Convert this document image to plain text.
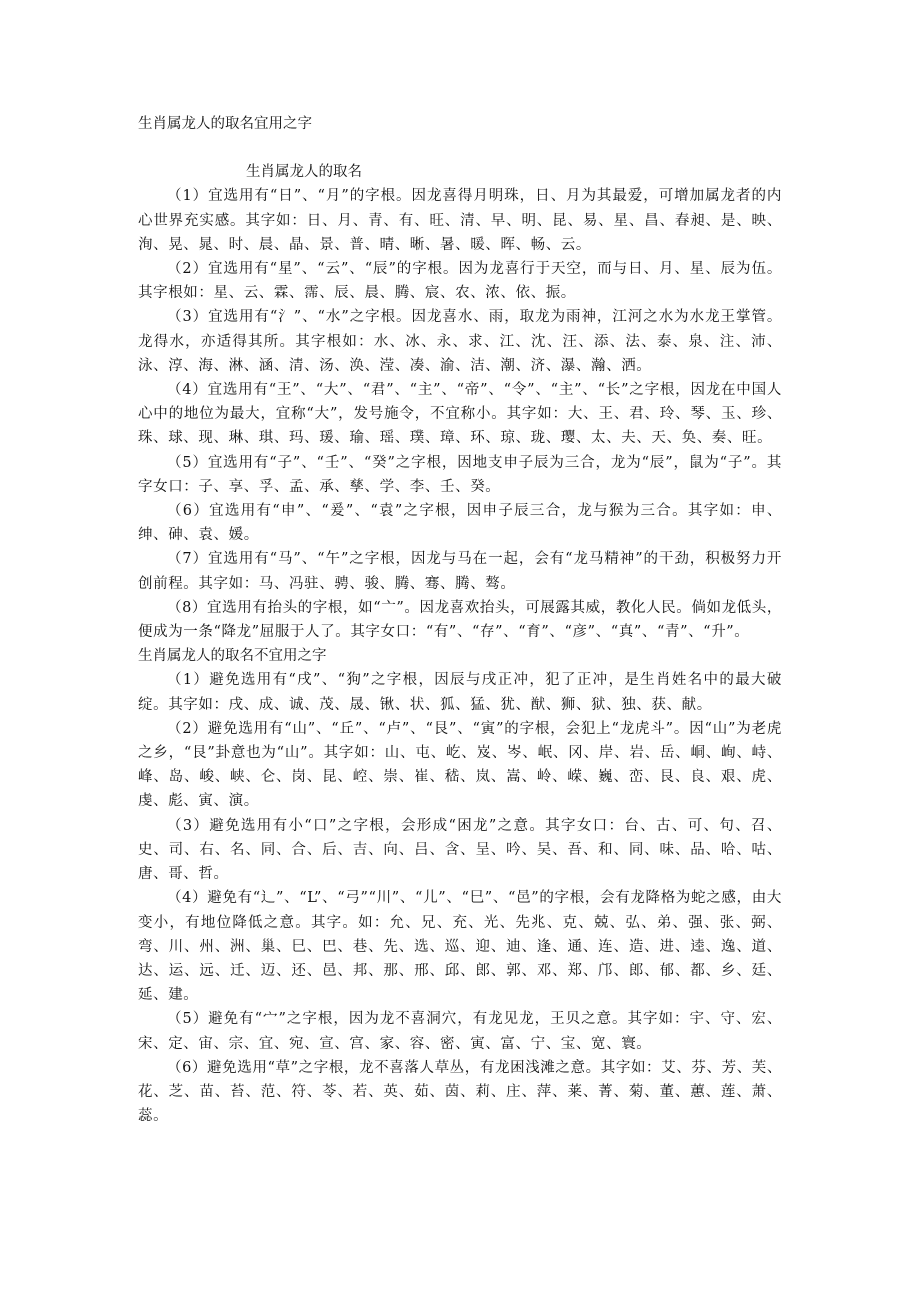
生肖属龙人的取名宜用之字

生肖属龙人的取名

（1）宜选用有“日”、“月”的字根。因龙喜得月明珠，日、月为其最爱，可增加属龙者的内心世界充实感。其字如：日、月、青、有、旺、清、早、明、昆、易、星、昌、春昶、是、映、洵、晃、晁、时、晨、晶、景、普、晴、晰、暑、暖、晖、畅、云。

（2）宜选用有“星”、“云”、“辰”的字根。因为龙喜行于天空，而与日、月、星、辰为伍。其字根如：星、云、霖、霈、辰、晨、腾、宸、农、浓、依、振。

（3）宜选用有“氵”、“水”之字根。因龙喜水、雨，取龙为雨神，江河之水为水龙王掌管。龙得水，亦适得其所。其字根如：水、冰、永、求、江、沈、汪、添、法、泰、泉、注、沛、泳、淳、海、淋、涵、清、汤、涣、滢、凑、渝、洁、潮、济、瀑、瀚、洒。

（4）宜选用有“王”、“大”、“君”、“主”、“帝”、“令”、“主”、“长”之字根，因龙在中国人心中的地位为最大，宜称“大”，发号施令，不宜称小。其字如：大、王、君、玲、琴、玉、珍、珠、球、现、琳、琪、玛、瑗、瑜、瑶、璞、璋、环、琼、珑、璎、太、夫、天、奂、奏、旺。

（5）宜选用有“子”、“壬”、“癸”之字根，因地支申子辰为三合，龙为“辰”，鼠为“子”。其字女口：子、享、孚、孟、承、孳、学、李、壬、癸。

（6）宜选用有“申”、“爰”、“袁”之字根，因申子辰三合，龙与猴为三合。其字如：申、绅、砷、袁、媛。

（7）宜选用有“马”、“午”之字根，因龙与马在一起，会有“龙马精神”的干劲，积极努力开创前程。其字如：马、冯驻、骋、骏、腾、骞、腾、骜。

（8）宜选用有抬头的字根，如“亠”。因龙喜欢抬头，可展露其威，教化人民。倘如龙低头，便成为一条“降龙”屈服于人了。其字女口：“有”、“存”、“育”、“彦”、“真”、“青”、“升”。

生肖属龙人的取名不宜用之字

（1）避免选用有“戌”、“狗”之字根，因辰与戌正冲，犯了正冲，是生肖姓名中的最大破绽。其字如：戌、成、诚、茂、晟、锹、状、狐、猛、犹、猷、狮、狱、独、获、献。

（2）避免选用有“山”、“丘”、“卢”、“艮”、“寅”的字根，会犯上“龙虎斗”。因“山”为老虎之乡，“艮”卦意也为“山”。其字如：山、屯、屹、岌、岑、岷、冈、岸、岩、岳、峒、峋、峙、峰、岛、峻、峡、仑、岗、昆、崆、崇、崔、嵇、岚、嵩、岭、嵘、巍、峦、艮、良、艰、虎、虔、彪、寅、演。

（3）避免选用有小“口”之字根，会形成“困龙”之意。其字女口：台、古、可、句、召、史、司、右、名、同、合、后、吉、向、吕、含、呈、吟、吴、吾、和、同、味、品、哈、咕、唐、哥、哲。

（4）避免有“辶”、“L”、“弓”“川”、“儿”、“巳”、“邑”的字根，会有龙降格为蛇之感，由大变小，有地位降低之意。其字。如：允、兄、充、光、先兆、克、兢、弘、弟、强、张、弼、弯、川、州、洲、巢、巳、巴、巷、先、选、巡、迎、迪、逢、通、连、造、进、逵、逸、道、达、运、远、迁、迈、还、邑、邦、那、邢、邱、郎、郭、邓、郑、邝、郎、郁、都、乡、廷、延、建。

（5）避免有“宀”之字根，因为龙不喜洞穴，有龙见龙，王贝之意。其字如：宇、守、宏、宋、定、宙、宗、宜、宛、宣、宫、家、容、密、寅、富、宁、宝、宽、寰。

（6）避免选用“草”之字根，龙不喜落人草丛，有龙困浅滩之意。其字如：艾、芬、芳、芙、花、芝、苗、苔、范、符、苓、若、英、茹、茵、莉、庄、萍、莱、菁、菊、董、蕙、莲、萧、蕊。
